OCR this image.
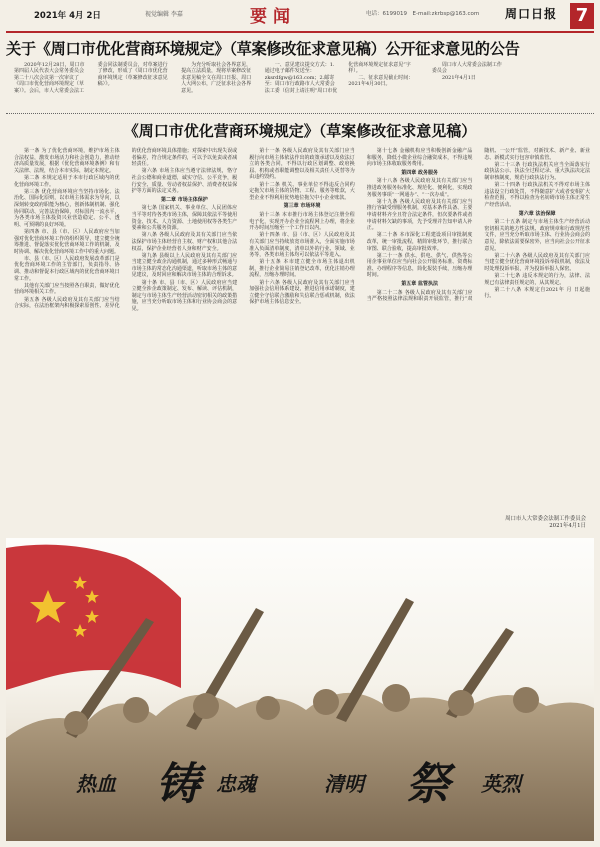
2021年 4月 2日	视觉编辑 李嘉	要闻	电话：6199019　E-mail:zkrbsp@163.com 周口日报	7
关于《周口市优化营商环境规定》（草案修改征求意见稿）公开征求意见的公告

2020年12月28日，周口市第四届人民代表大会常务委员会第二十八次会议第一次审议了《周口市优化营商环境规定（草案）》。会后，市人大常委会法工委会同法制委员会，对草案进行了修改，形成了《周口市优化营商环境规定（草案修改征求意见稿）》。

为充分听取社会各界意见，提高立法质量，现将草案修改征求意见稿全文在周口日报、周口人大网公布，广泛征求社会各界意见。

一、意见建议提交方式：1.通过电子邮件发送至：zksrdfgw@163.com；2.邮寄至：周口市行政路市人大常委会法工委（信封上请注明“周口市优化营商环境规定征求意见”字样）。

二、征求意见截止时间：2021年4月30日。

周口市人大常委会法制工作委员会

2021年4月1日

《周口市优化营商环境规定》（草案修改征求意见稿）

第一条 为了优化营商环境，维护市场主体合法权益，激发市场活力和社会创造力，推动经济高质量发展，根据《优化营商环境条例》和有关法律、法规，结合本市实际，制定本规定。

第二条 本规定适用于本市行政区域内的优化营商环境工作。

第三条 优化营商环境应当坚持市场化、法治化、国际化原则，以市场主体需求为导向，以深刻转变政府职能为核心，创新体制机制、强化协同联动、完善法治保障，对标国内一流水平，为各类市场主体投资兴业营造稳定、公平、透明、可预期的良好环境。

第四条 市、县（市、区）人民政府应当加强对优化营商环境工作的组织领导，建立健全统筹推进、督促落实优化营商环境工作的机制，及时协调、解决优化营商环境工作中的重大问题。

市、县（市、区）人民政府发展改革部门是优化营商环境工作的主管部门，负责指导、协调、推动和督促本行政区域内的优化营商环境日常工作。

其他有关部门应当按照各自职责，做好优化营商环境相关工作。

第五条 各级人民政府及其有关部门应当结合实际，在法治框架内积极探索原创性、差异化的优化营商环境具体措施；对探索中出现失误或者偏差，符合规定条件的，可以予以免责或者减轻责任。

第六条 市场主体应当遵守法律法规，恪守社会公德和商业道德，诚实守信、公平竞争，履行安全、质量、劳动者权益保护、消费者权益保护等方面的法定义务。

第二章 市场主体保护

第七条 国家机关、事业单位、人民团体应当平等对待各类市场主体，保障其依法平等使用资金、技术、人力资源、土地使用权等各类生产要素和公共服务资源。

第八条 各级人民政府及其有关部门应当依法保护市场主体经营自主权、财产权和其他合法权益，保护企业经营者人身和财产安全。

第九条 县级以上人民政府及其有关部门应当建立健全政企沟通机制，通过多种形式畅通与市场主体的常态化沟通渠道，听取市场主体的意见建议，及时回应和解决市场主体的合理诉求。

第十条 市、县（市、区）人民政府应当建立健全涉企政策制定、发布、解读、评估机制，制定与市场主体生产经营活动密切相关的政策措施，应当充分听取市场主体和行业协会商会的意见。

第十一条 各级人民政府及其有关部门应当履行向市场主体依法作出的政策承诺以及依法订立的各类合同，不得以行政区划调整、政府换届、机构或者职能调整以及相关责任人更替等为由违约毁约。

第十二条 机关、事业单位不得违反合同约定拖欠市场主体的货物、工程、服务等账款，大型企业不得利用优势地位拖欠中小企业账款。

第三章 市场环境

第十三条 本市推行市场主体登记注册全程电子化，实现开办企业全流程网上办理，将企业开办时间压缩至一个工作日以内。

第十四条 市、县（市、区）人民政府及其有关部门应当持续放宽市场准入，全面实施市场准入负面清单制度，清单以外的行业、领域、业务等，各类市场主体均可以依法平等进入。

第十五条 本市建立健全市场主体退出机制，推行企业简易注销登记改革，优化注销办理流程，压缩办理时间。

第十六条 各级人民政府及其有关部门应当加强社会信用体系建设，推进信用承诺制度，建立健全守信联合激励和失信联合惩戒机制，依法保护市场主体信息安全。

第十七条 金融机构应当积极创新金融产品和服务，降低小微企业综合融资成本，不得违规向市场主体收取服务费用。

第四章 政务服务

第十八条 各级人民政府及其有关部门应当推进政务服务标准化、规范化、便利化，实现政务服务事项“一网通办”、“一次办成”。

第十九条 各级人民政府及其有关部门应当推行容缺受理服务机制，对基本条件具备、主要申请材料齐全且符合法定条件，但次要条件或者申请材料欠缺的事项，先予受理并告知申请人补正。

第二十条 本市深化工程建设项目审批制度改革，统一审批流程，精简审批环节，推行联合审图、联合验收，提高审批效率。

第二十一条 供水、供电、供气、供热等公用企事业单位应当向社会公开服务标准、资费标准、办理程序等信息，简化报装手续，压缩办理时间。

第五章 监管执法

第二十二条 各级人民政府及其有关部门应当严格按照法律法规和职责开展监管，推行“双随机、一公开”监管，对新技术、新产业、新业态、新模式实行包容审慎监管。

第二十三条 行政执法机关应当全面落实行政执法公示、执法全过程记录、重大执法决定法制审核制度，规范行政执法行为。

第二十四条 行政执法机关不得对市场主体违法设立行政处罚，不得随意扩大或者变相扩大检查范围，不得以检查为名妨碍市场主体正常生产经营活动。

第六章 法治保障

第二十五条 制定与市场主体生产经营活动密切相关的地方性法规、政府规章和行政规范性文件，应当充分听取市场主体、行业协会商会的意见，除依法需要保密外，应当向社会公开征求意见。

第二十六条 各级人民政府及其有关部门应当建立健全优化营商环境投诉举报机制，依法及时处理投诉举报，并为投诉举报人保密。

第二十七条 违反本规定的行为，法律、法规已有法律责任规定的，从其规定。

第二十八条 本规定自2021年 月 日起施行。

周口市人大常委会法制工作委员会
2021年4月1日
热血 铸 忠魂	清明 祭 英烈
